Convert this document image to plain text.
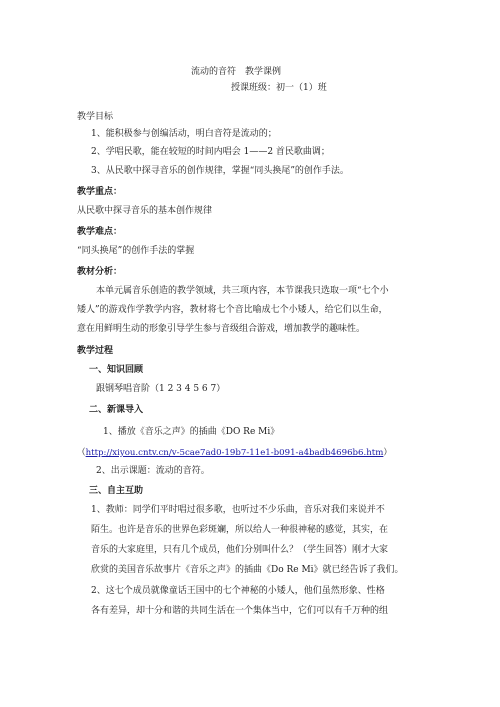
流动的音符　教学课例
授课班级：初一（1）班
教学目标
1、能积极参与创编活动，明白音符是流动的；
2、学唱民歌，能在较短的时间内唱会 1——2 首民歌曲调；
3、从民歌中探寻音乐的创作规律，掌握“同头换尾”的创作手法。
教学重点：
从民歌中探寻音乐的基本创作规律
教学难点：
“同头换尾”的创作手法的掌握
教材分析：
本单元属音乐创造的教学领域，共三项内容，本节课我只选取一项“七个小
矮人”的游戏作学教学内容，教材将七个音比喻成七个小矮人，给它们以生命，
意在用鲜明生动的形象引导学生参与音级组合游戏，增加教学的趣味性。
教学过程
一、知识回顾
跟钢琴唱音阶（1 2 3 4 5 6 7）
二、新课导入
1、播放《音乐之声》的插曲《DO Re Mi》
（http://xiyou.cntv.cn/v-5cae7ad0-19b7-11e1-b091-a4badb4696b6.htm）
2、出示课题：流动的音符。
三、自主互助
1、教师：同学们平时唱过很多歌，也听过不少乐曲，音乐对我们来说并不
陌生。也许是音乐的世界色彩斑斓，所以给人一种很神秘的感觉，其实，在
音乐的大家庭里，只有几个成员，他们分别叫什么？（学生回答）刚才大家
欣赏的美国音乐故事片《音乐之声》的插曲《Do Re Mi》就已经告诉了我们。
2、这七个成员就像童话王国中的七个神秘的小矮人，他们虽然形象、性格
各有差异，却十分和谐的共同生活在一个集体当中，它们可以有千万种的组
